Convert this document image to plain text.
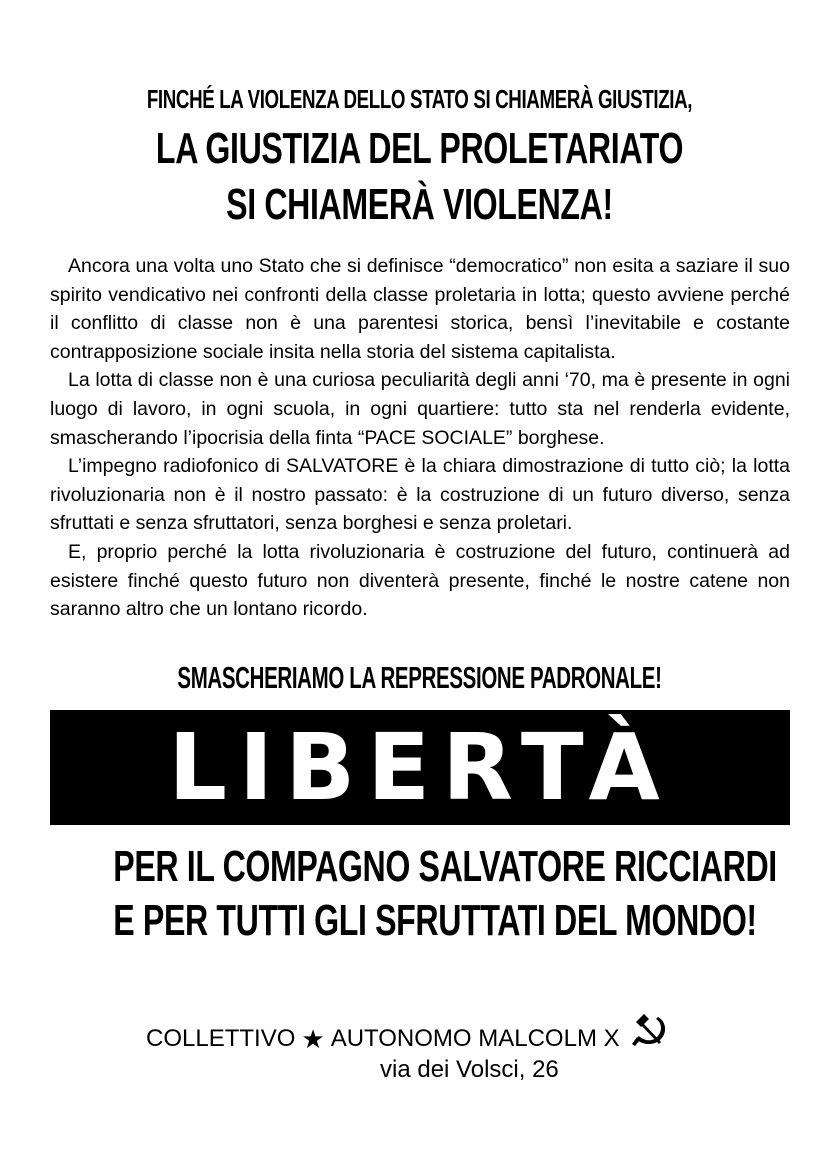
FINCHÉ LA VIOLENZA DELLO STATO SI CHIAMERÀ GIUSTIZIA,
LA GIUSTIZIA DEL PROLETARIATO
SI CHIAMERÀ VIOLENZA!

Ancora una volta uno Stato che si definisce “democratico” non esita a saziare il suo spirito vendicativo nei confronti della classe proletaria in lotta; questo avviene perché il conflitto di classe non è una parentesi storica, bensì l’inevitabile e costante contrapposizione sociale insita nella storia del sistema capitalista.

La lotta di classe non è una curiosa peculiarità degli anni ‘70, ma è presente in ogni luogo di lavoro, in ogni scuola, in ogni quartiere: tutto sta nel renderla evidente, smascherando l’ipocrisia della finta “PACE SOCIALE” borghese.

L’impegno radiofonico di SALVATORE è la chiara dimostrazione di tutto ciò; la lotta rivoluzionaria non è il nostro passato: è la costruzione di un futuro diverso, senza sfruttati e senza sfruttatori, senza borghesi e senza proletari.

E, proprio perché la lotta rivoluzionaria è costruzione del futuro, continuerà ad esistere finché questo futuro non diventerà presente, finché le nostre catene non saranno altro che un lontano ricordo.

SMASCHERIAMO LA REPRESSIONE PADRONALE!
LIBERTÀ
PER IL COMPAGNO SALVATORE RICCIARDI
E PER TUTTI GLI SFRUTTATI DEL MONDO!
COLLETTIVO ★ AUTONOMO MALCOLM X
via dei Volsci, 26
